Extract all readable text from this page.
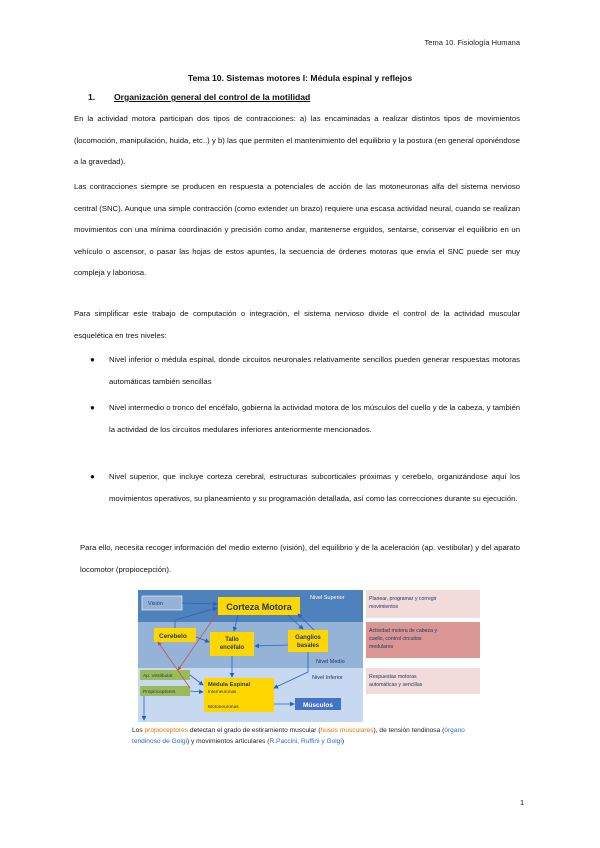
Tema 10. Fisiología Humana
Tema 10. Sistemas motores I: Médula espinal y reflejos
1. Organización general del control de la motilidad
En la actividad motora participan dos tipos de contracciones: a) las encaminadas a realizar distintos tipos de movimientos (locomoción, manipulación, huida, etc..) y b) las que permiten el mantenimiento del equilibrio y la postura (en general oponiéndose a la gravedad).
Las contracciones siempre se producen en respuesta a potenciales de acción de las motoneuronas alfa del sistema nervioso central (SNC). Aunque una simple contracción (como extender un brazo) requiere una escasa actividad neural, cuando se realizan movimientos con una mínima coordinación y precisión como andar, mantenerse erguidos, sentarse, conservar el equilibrio en un vehículo o ascensor, o pasar las hojas de estos apuntes, la secuencia de órdenes motoras que envía el SNC puede ser muy compleja y laboriosa.
Para simplificar este trabajo de computación o integración, el sistema nervioso divide el control de la actividad muscular esquelética en tres niveles:
● Nivel inferior o médula espinal, donde circuitos neuronales relativamente sencillos pueden generar respuestas motoras automáticas también sencillas
● Nivel intermedio o tronco del encéfalo, gobierna la actividad motora de los músculos del cuello y de la cabeza, y también la actividad de los circuitos medulares inferiores anteriormente mencionados.
● Nivel superior, que incluye corteza cerebral, estructuras subcorticales próximas y cerebelo, organizándose aquí los movimientos operativos, su planeamiento y su programación detallada, así como las correcciones durante su ejecución.
Para ello, necesita recoger información del medio externo (visión), del equilibrio y de la aceleración (ap. vestibular) y del aparato locomotor (propiocepción).
Nivel Superior
Nivel Medio
Nivel Inferior
Visión	Corteza Motora
Cerebelo	Tallo
encéfalo
Ganglios
basales
Ap. Vestibular
Propioceptores
Médula Espinal
Interneuronas
Motoneuronas	Músculos
Planear, programar y corregir
movimientos
Actividad motora de cabeza y
cuello, control circuitos
medulares
Respuestas motoras
automáticas y sencillas
Los propioceptores detectan el grado de estiramiento muscular (husos musculares), de tensión tendinosa (órgano tendinoso de Golgi) y movimientos articulares (R.Paccini, Ruffini y Golgi)
1
